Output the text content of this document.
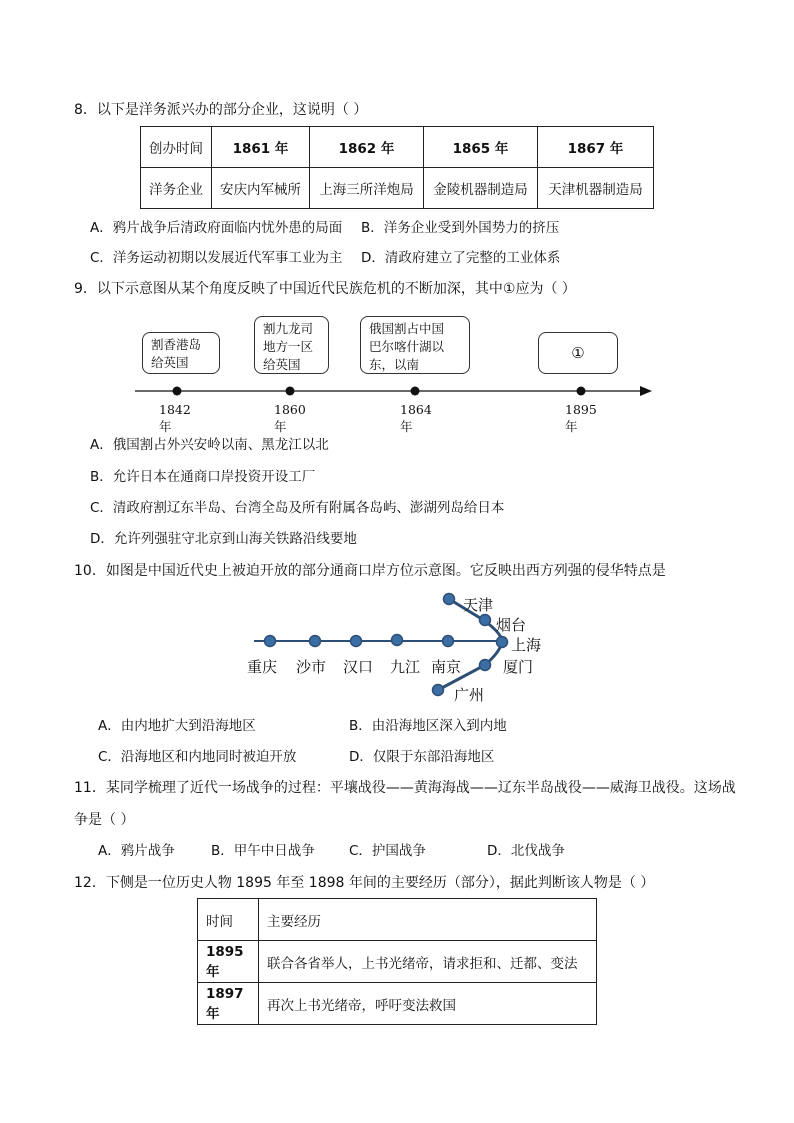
8．以下是洋务派兴办的部分企业，这说明（ ）
创办时间	1861 年	1862 年	1865 年	1867 年
洋务企业	安庆内军械所	上海三所洋炮局	金陵机器制造局	天津机器制造局
A．鸦片战争后清政府面临内忧外患的局面 B．洋务企业受到外国势力的挤压
C．洋务运动初期以发展近代军事工业为主 D．清政府建立了完整的工业体系
9．以下示意图从某个角度反映了中国近代民族危机的不断加深，其中①应为（ ）
割香港岛
给英国
割九龙司
地方一区
给英国
俄国割占中国
巴尔喀什湖以
东，以南
①
1842年
1860年
1864年
1895年
A．俄国割占外兴安岭以南、黑龙江以北
B．允许日本在通商口岸投资开设工厂
C．清政府割辽东半岛、台湾全岛及所有附属各岛屿、澎湖列岛给日本
D．允许列强驻守北京到山海关铁路沿线要地
10．如图是中国近代史上被迫开放的部分通商口岸方位示意图。它反映出西方列强的侵华特点是
重庆 沙市 汉口 九江 南京
天津
烟台
上海
厦门
广州
A．由内地扩大到沿海地区	B．由沿海地区深入到内地
C．沿海地区和内地同时被迫开放	D．仅限于东部沿海地区
11．某同学梳理了近代一场战争的过程：平壤战役——黄海海战——辽东半岛战役——威海卫战役。这场战
争是（ ）
A．鸦片战争	B．甲午中日战争	C．护国战争	D．北伐战争
12．下侧是一位历史人物 1895 年至 1898 年间的主要经历（部分），据此判断该人物是（ ）
时间	主要经历
1895 年	联合各省举人，上书光绪帝，请求拒和、迁都、变法
1897 年	再次上书光绪帝，呼吁变法救国
